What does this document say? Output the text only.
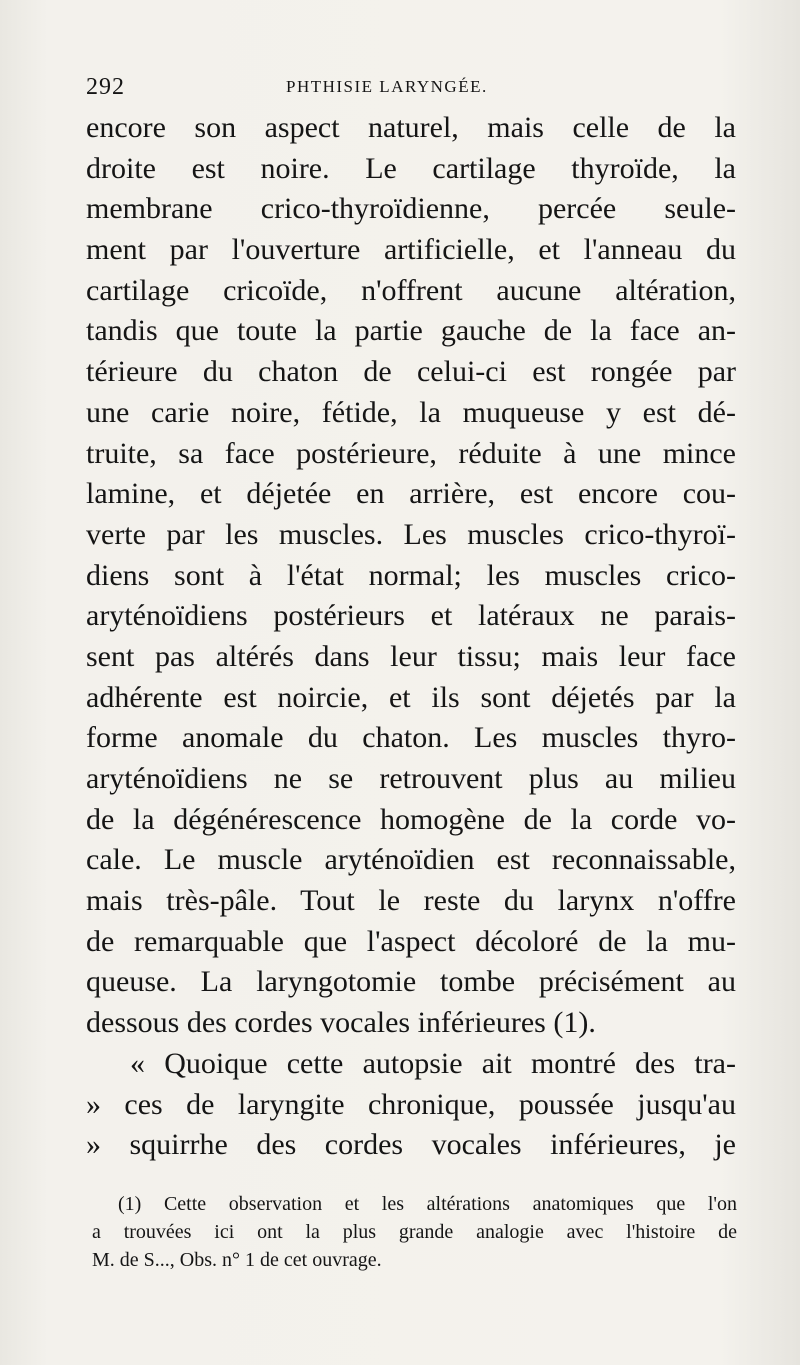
292	PHTHISIE LARYNGÉE.
encore son aspect naturel, mais celle de la
droite est noire. Le cartilage thyroïde, la
membrane crico-thyroïdienne, percée seule-
ment par l'ouverture artificielle, et l'anneau du
cartilage cricoïde, n'offrent aucune altération,
tandis que toute la partie gauche de la face an-
térieure du chaton de celui-ci est rongée par
une carie noire, fétide, la muqueuse y est dé-
truite, sa face postérieure, réduite à une mince
lamine, et déjetée en arrière, est encore cou-
verte par les muscles. Les muscles crico-thyroï-
diens sont à l'état normal; les muscles crico-
aryténoïdiens postérieurs et latéraux ne parais-
sent pas altérés dans leur tissu; mais leur face
adhérente est noircie, et ils sont déjetés par la
forme anomale du chaton. Les muscles thyro-
aryténoïdiens ne se retrouvent plus au milieu
de la dégénérescence homogène de la corde vo-
cale. Le muscle aryténoïdien est reconnaissable,
mais très-pâle. Tout le reste du larynx n'offre
de remarquable que l'aspect décoloré de la mu-
queuse. La laryngotomie tombe précisément au
dessous des cordes vocales inférieures (1).
« Quoique cette autopsie ait montré des tra-
» ces de laryngite chronique, poussée jusqu'au
» squirrhe des cordes vocales inférieures, je
(1) Cette observation et les altérations anatomiques que l'on
a trouvées ici ont la plus grande analogie avec l'histoire de
M. de S..., Obs. n° 1 de cet ouvrage.
